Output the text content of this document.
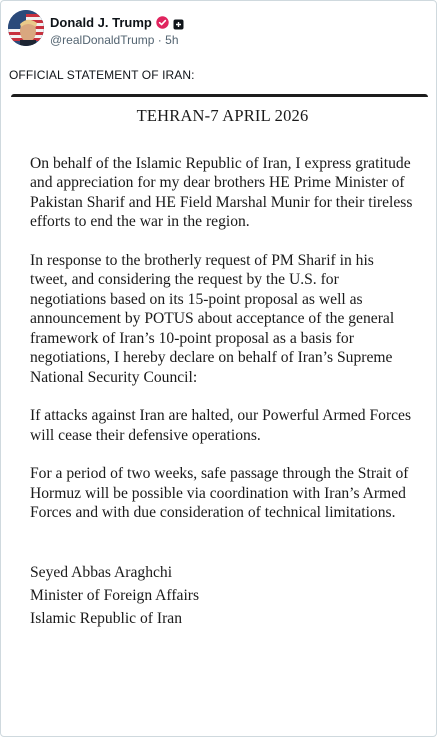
Donald J. Trump
@realDonaldTrump · 5h
OFFICIAL STATEMENT OF IRAN:
TEHRAN-7 APRIL 2026

On behalf of the Islamic Republic of Iran, I express gratitude and appreciation for my dear brothers HE Prime Minister of Pakistan Sharif and HE Field Marshal Munir for their tireless efforts to end the war in the region.

In response to the brotherly request of PM Sharif in his tweet, and considering the request by the U.S. for negotiations based on its 15-point proposal as well as announcement by POTUS about acceptance of the general framework of Iran’s 10-point proposal as a basis for negotiations, I hereby declare on behalf of Iran’s Supreme National Security Council:

If attacks against Iran are halted, our Powerful Armed Forces will cease their defensive operations.

For a period of two weeks, safe passage through the Strait of Hormuz will be possible via coordination with Iran’s Armed Forces and with due consideration of technical limitations.

Seyed Abbas Araghchi
Minister of Foreign Affairs
Islamic Republic of Iran
